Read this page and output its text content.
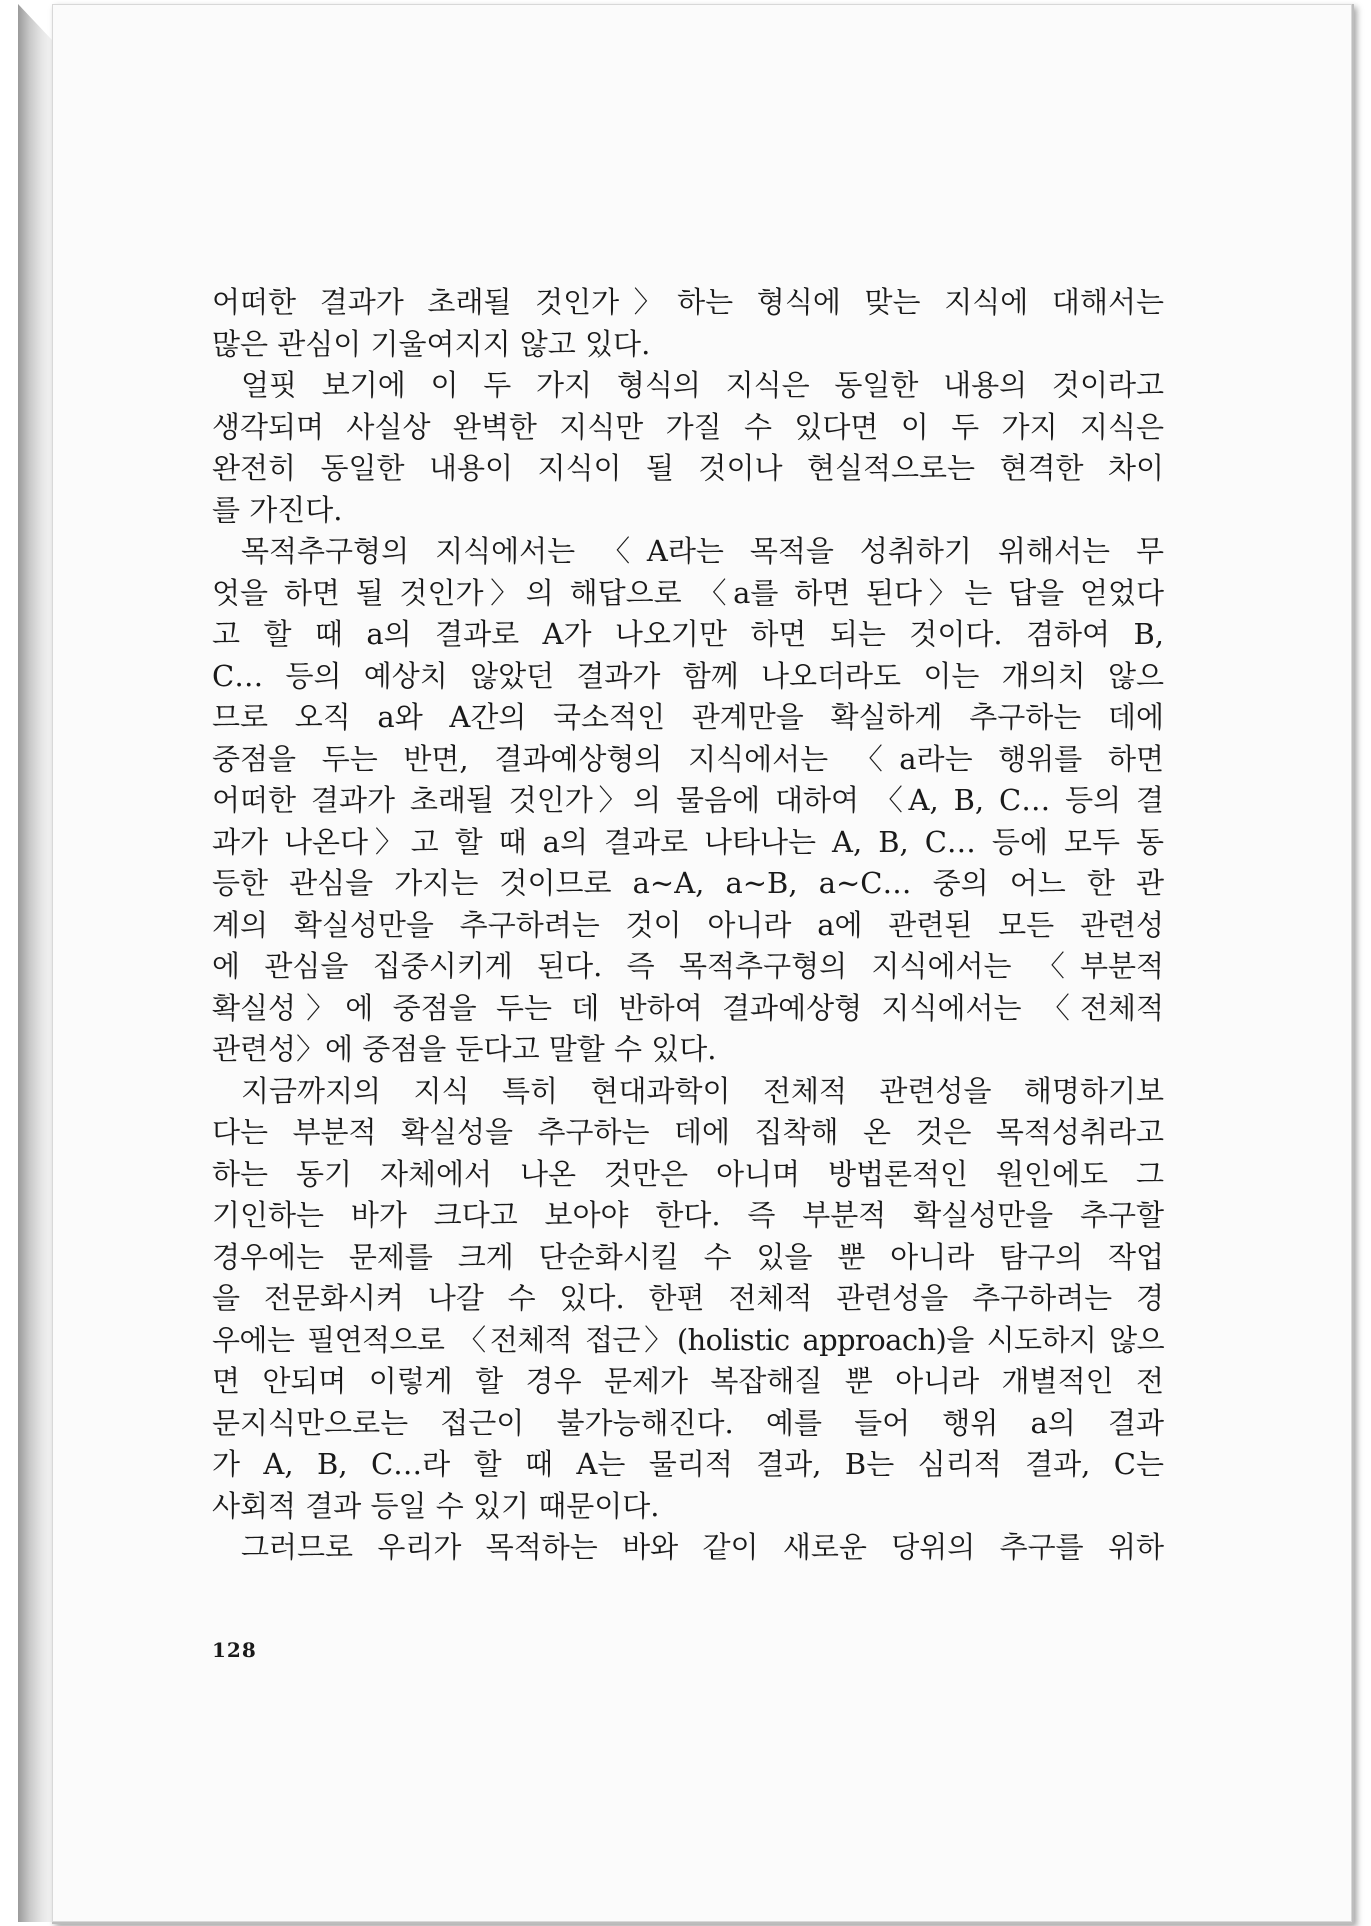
어떠한 결과가 초래될 것인가〉하는 형식에 맞는 지식에 대해서는
많은 관심이 기울여지지 않고 있다.
얼핏 보기에 이 두 가지 형식의 지식은 동일한 내용의 것이라고
생각되며 사실상 완벽한 지식만 가질 수 있다면 이 두 가지 지식은
완전히 동일한 내용이 지식이 될 것이나 현실적으로는 현격한 차이
를 가진다.
목적추구형의 지식에서는 〈A라는 목적을 성취하기 위해서는 무
엇을 하면 될 것인가〉의 해답으로 〈a를 하면 된다〉는 답을 얻었다
고 할 때 a의 결과로 A가 나오기만 하면 되는 것이다. 겸하여 B,
C… 등의 예상치 않았던 결과가 함께 나오더라도 이는 개의치 않으
므로 오직 a와 A간의 국소적인 관계만을 확실하게 추구하는 데에
중점을 두는 반면, 결과예상형의 지식에서는 〈a라는 행위를 하면
어떠한 결과가 초래될 것인가〉의 물음에 대하여 〈A, B, C… 등의 결
과가 나온다〉고 할 때 a의 결과로 나타나는 A, B, C… 등에 모두 동
등한 관심을 가지는 것이므로 a∼A, a∼B, a∼C… 중의 어느 한 관
계의 확실성만을 추구하려는 것이 아니라 a에 관련된 모든 관련성
에 관심을 집중시키게 된다. 즉 목적추구형의 지식에서는 〈부분적
확실성〉에 중점을 두는 데 반하여 결과예상형 지식에서는 〈전체적
관련성〉에 중점을 둔다고 말할 수 있다.
지금까지의 지식 특히 현대과학이 전체적 관련성을 해명하기보
다는 부분적 확실성을 추구하는 데에 집착해 온 것은 목적성취라고
하는 동기 자체에서 나온 것만은 아니며 방법론적인 원인에도 그
기인하는 바가 크다고 보아야 한다. 즉 부분적 확실성만을 추구할
경우에는 문제를 크게 단순화시킬 수 있을 뿐 아니라 탐구의 작업
을 전문화시켜 나갈 수 있다. 한편 전체적 관련성을 추구하려는 경
우에는 필연적으로 〈전체적 접근〉(holistic approach)을 시도하지 않으
면 안되며 이렇게 할 경우 문제가 복잡해질 뿐 아니라 개별적인 전
문지식만으로는 접근이 불가능해진다. 예를 들어 행위 a의 결과
가 A, B, C…라 할 때 A는 물리적 결과, B는 심리적 결과, C는
사회적 결과 등일 수 있기 때문이다.
그러므로 우리가 목적하는 바와 같이 새로운 당위의 추구를 위하
128
